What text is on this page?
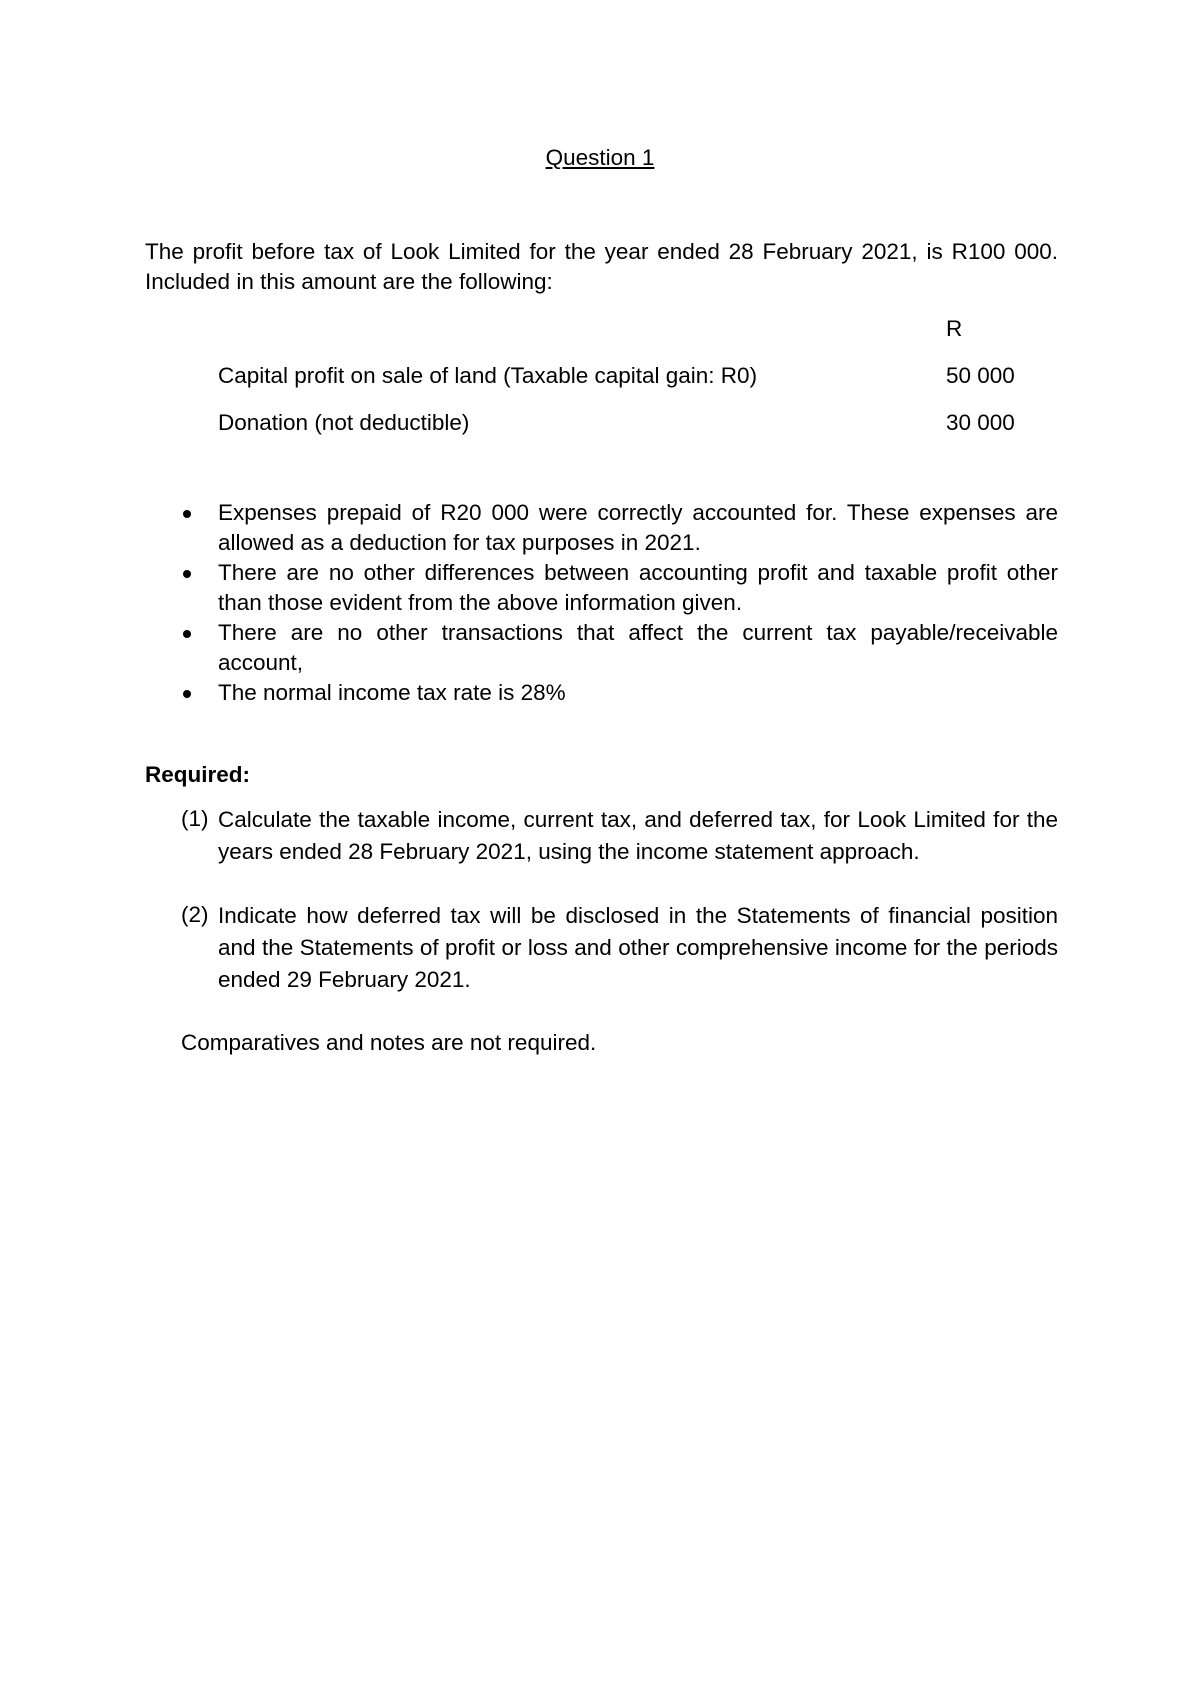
Question 1
The profit before tax of Look Limited for the year ended 28 February 2021, is R100 000. Included in this amount are the following:
R
Capital profit on sale of land (Taxable capital gain: R0)	50 000
Donation (not deductible)	30 000
Expenses prepaid of R20 000 were correctly accounted for. These expenses are allowed as a deduction for tax purposes in 2021.
There are no other differences between accounting profit and taxable profit other than those evident from the above information given.
There are no other transactions that affect the current tax payable/receivable account,
The normal income tax rate is 28%
Required:
(1) Calculate the taxable income, current tax, and deferred tax, for Look Limited for the years ended 28 February 2021, using the income statement approach.
(2) Indicate how deferred tax will be disclosed in the Statements of financial position and the Statements of profit or loss and other comprehensive income for the periods ended 29 February 2021.
Comparatives and notes are not required.
